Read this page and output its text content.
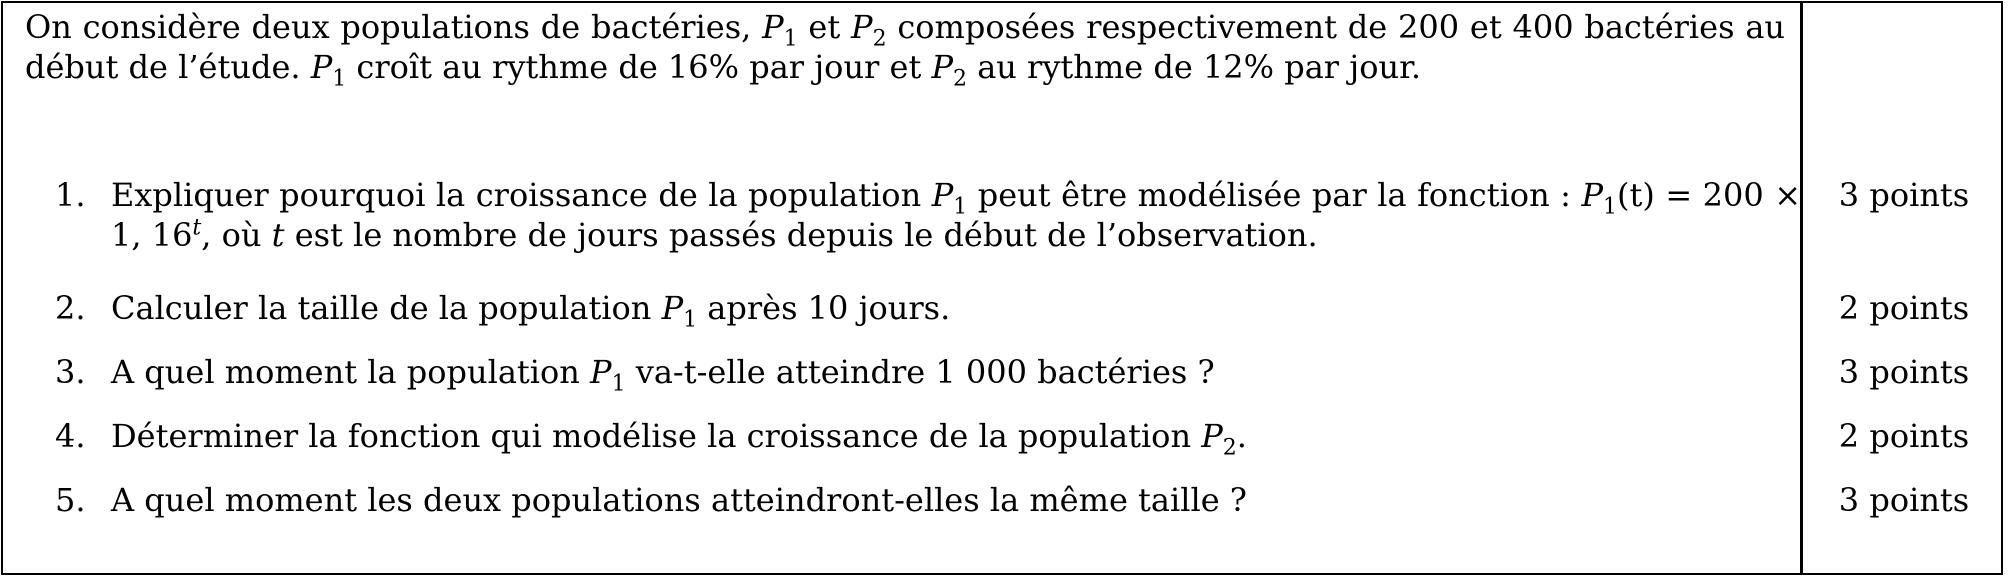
On considère deux populations de bactéries, $P_1$ et $P_2$ composées respectivement de 200 et 400 bactéries au début de l’étude. $P_1$ croît au rythme de 16% par jour et $P_2$ au rythme de 12% par jour.
1. Expliquer pourquoi la croissance de la population $P_1$ peut être modélisée par la fonction : $P_1(t) = 200 \times 1$, 16$^t$, où t est le nombre de jours passés depuis le début de l’observation.
2. Calculer la taille de la population $P_1$ après 10 jours.
3. A quel moment la population $P_1$ va-t-elle atteindre 1 000 bactéries ?
4. Déterminer la fonction qui modélise la croissance de la population $P_2$.
5. A quel moment les deux populations atteindront-elles la même taille ?
3 points
2 points
3 points
2 points
3 points
